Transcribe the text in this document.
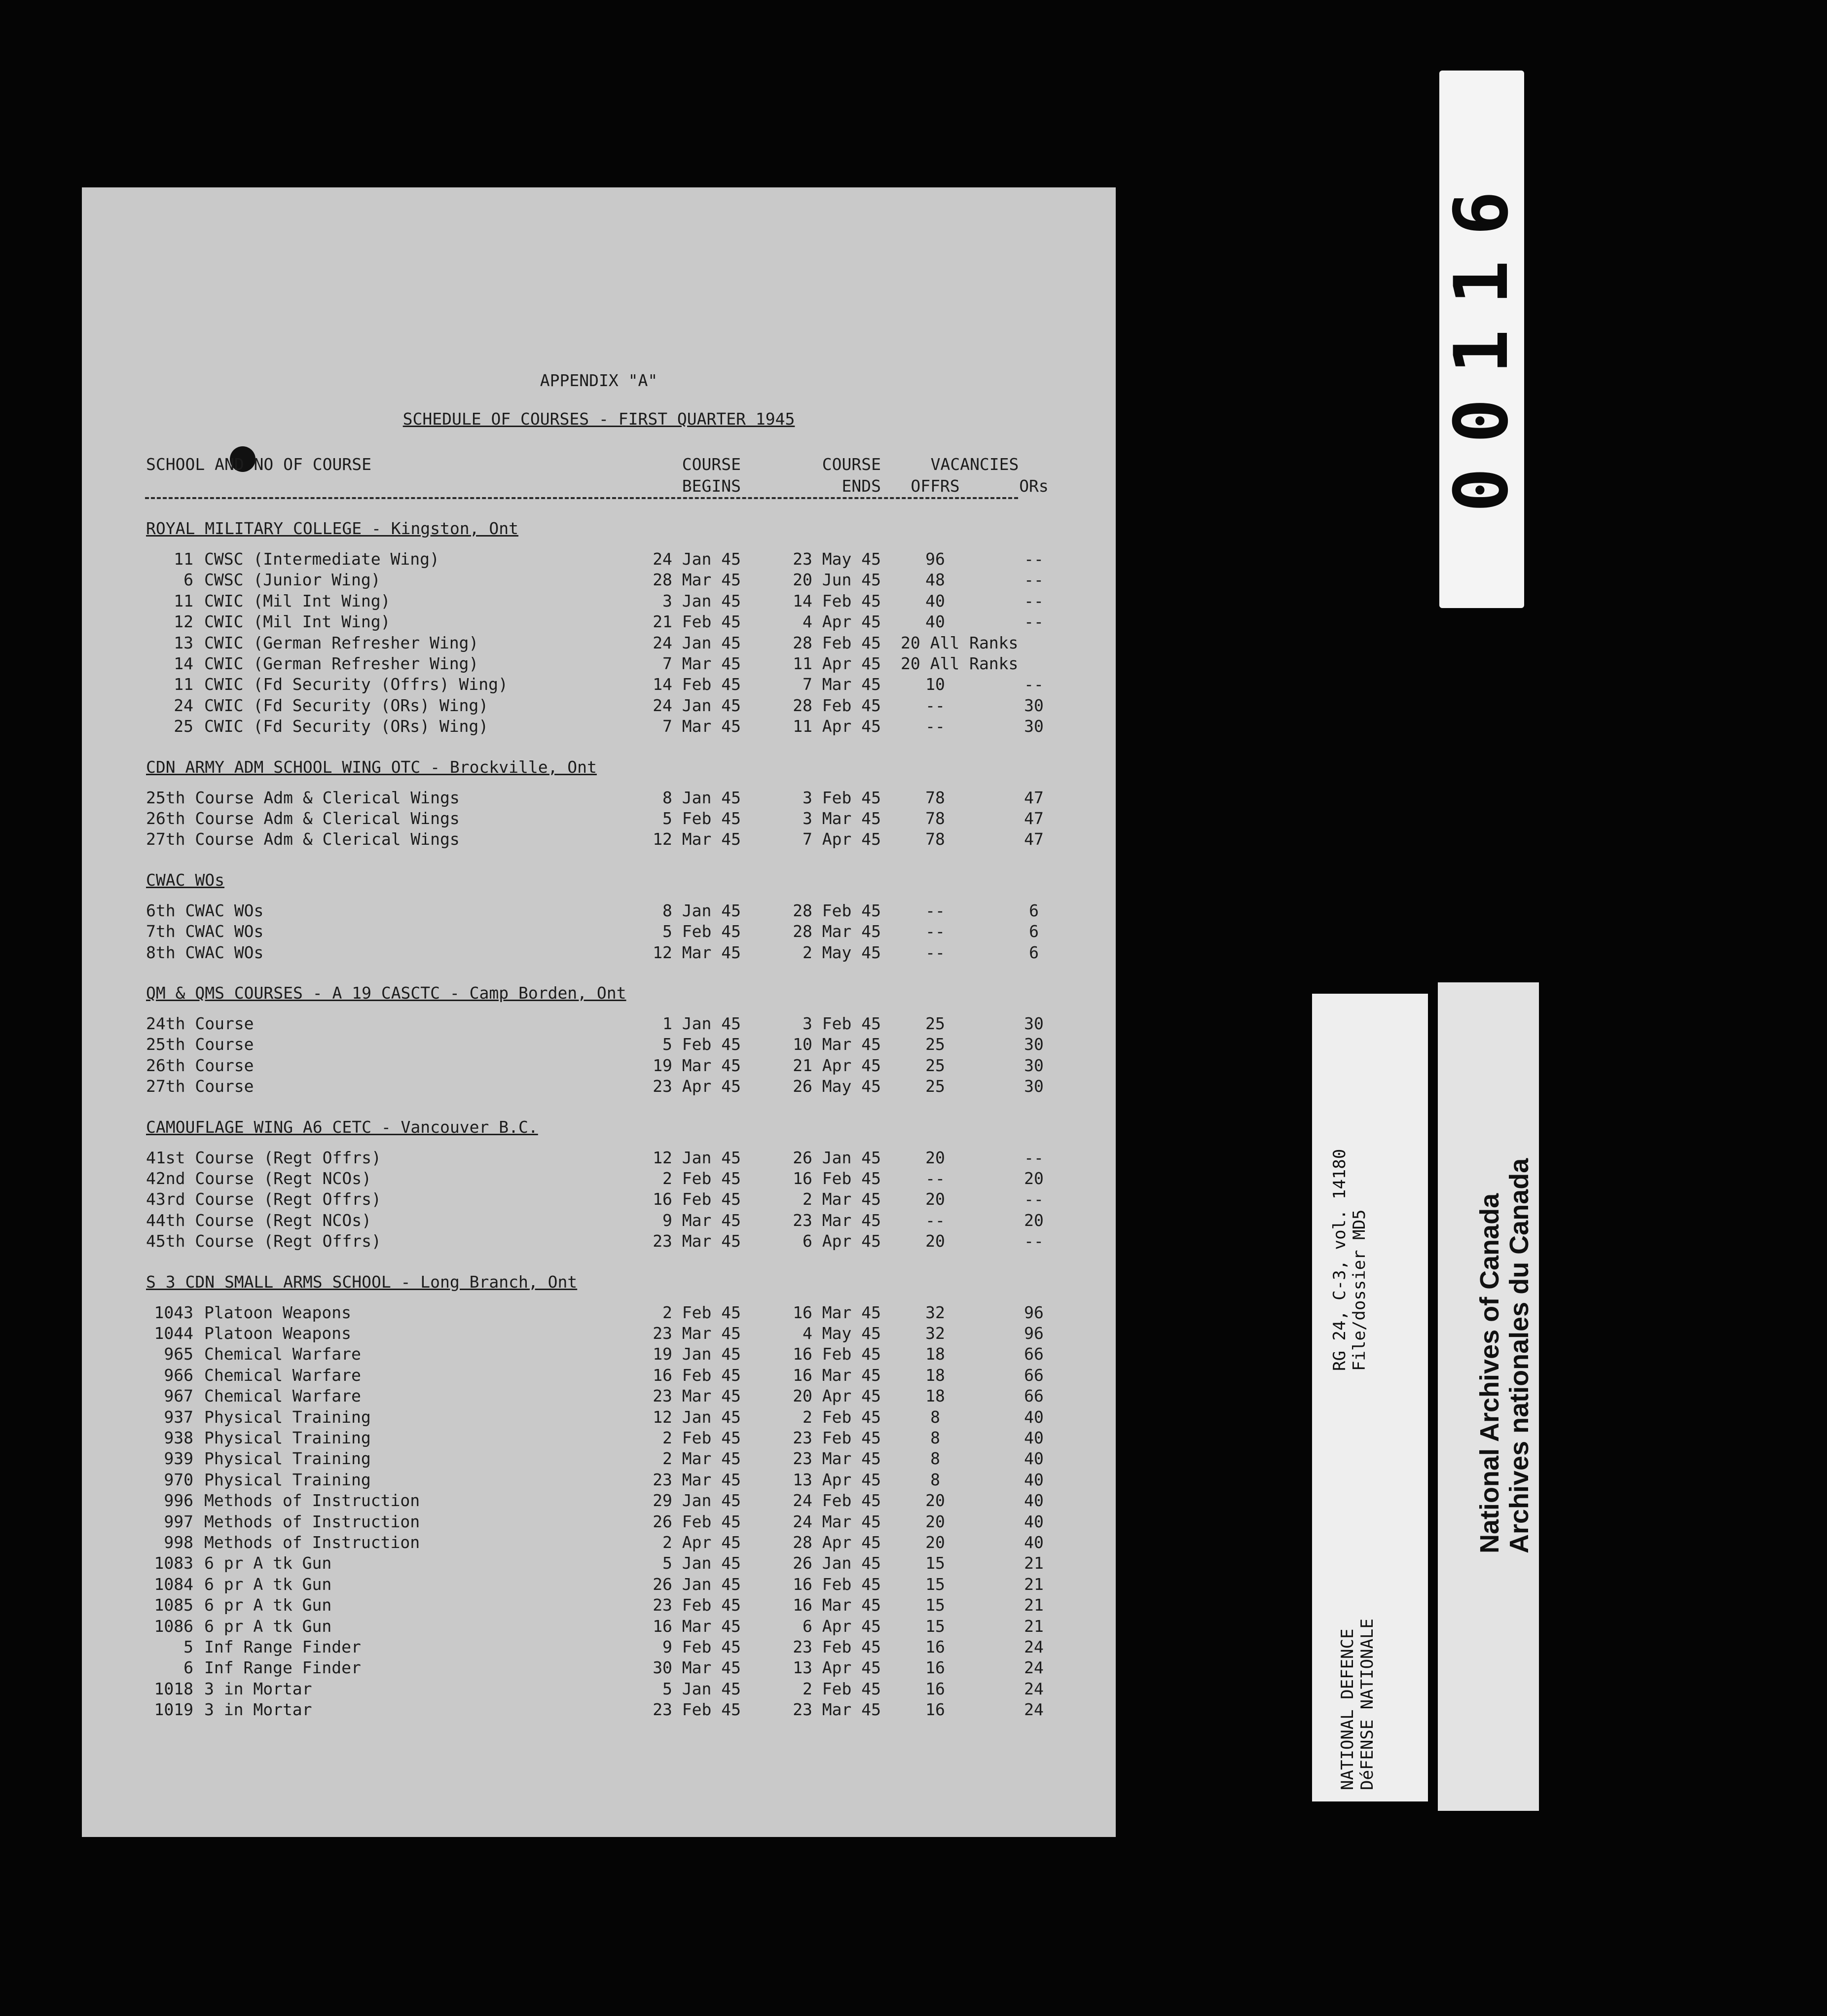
APPENDIX "A"
SCHEDULE OF COURSES - FIRST QUARTER 1945
SCHOOL AND NO OF COURSE	COURSE	COURSE	VACANCIES
BEGINS	ENDS	OFFRS	ORs
ROYAL MILITARY COLLEGE - Kingston, Ont
11 CWSC (Intermediate Wing)	24 Jan 45	23 May 45	96	--
6 CWSC (Junior Wing)	28 Mar 45	20 Jun 45	48	--
11 CWIC (Mil Int Wing)	3 Jan 45	14 Feb 45	40	--
12 CWIC (Mil Int Wing)	21 Feb 45	4 Apr 45	40	--
13 CWIC (German Refresher Wing)	24 Jan 45	28 Feb 45 20 All Ranks
14 CWIC (German Refresher Wing)	7 Mar 45	11 Apr 45 20 All Ranks
11 CWIC (Fd Security (Offrs) Wing)	14 Feb 45	7 Mar 45	10	--
24 CWIC (Fd Security (ORs) Wing)	24 Jan 45	28 Feb 45	--	30
25 CWIC (Fd Security (ORs) Wing)	7 Mar 45	11 Apr 45	--	30
CDN ARMY ADM SCHOOL WING OTC - Brockville, Ont
25th Course Adm & Clerical Wings	8 Jan 45	3 Feb 45	78	47
26th Course Adm & Clerical Wings	5 Feb 45	3 Mar 45	78	47
27th Course Adm & Clerical Wings	12 Mar 45	7 Apr 45	78	47
CWAC WOs
6th CWAC WOs	8 Jan 45	28 Feb 45	--	6
7th CWAC WOs	5 Feb 45	28 Mar 45	--	6
8th CWAC WOs	12 Mar 45	2 May 45	--	6
QM & QMS COURSES - A 19 CASCTC - Camp Borden, Ont
24th Course	1 Jan 45	3 Feb 45	25	30
25th Course	5 Feb 45	10 Mar 45	25	30
26th Course	19 Mar 45	21 Apr 45	25	30
27th Course	23 Apr 45	26 May 45	25	30
CAMOUFLAGE WING A6 CETC - Vancouver B.C.
41st Course (Regt Offrs)	12 Jan 45	26 Jan 45	20	--
42nd Course (Regt NCOs)	2 Feb 45	16 Feb 45	--	20
43rd Course (Regt Offrs)	16 Feb 45	2 Mar 45	20	--
44th Course (Regt NCOs)	9 Mar 45	23 Mar 45	--	20
45th Course (Regt Offrs)	23 Mar 45	6 Apr 45	20	--
S 3 CDN SMALL ARMS SCHOOL - Long Branch, Ont
1043 Platoon Weapons	2 Feb 45	16 Mar 45	32	96
1044 Platoon Weapons	23 Mar 45	4 May 45	32	96
965 Chemical Warfare	19 Jan 45	16 Feb 45	18	66
966 Chemical Warfare	16 Feb 45	16 Mar 45	18	66
967 Chemical Warfare	23 Mar 45	20 Apr 45	18	66
937 Physical Training	12 Jan 45	2 Feb 45	8	40
938 Physical Training	2 Feb 45	23 Feb 45	8	40
939 Physical Training	2 Mar 45	23 Mar 45	8	40
970 Physical Training	23 Mar 45	13 Apr 45	8	40
996 Methods of Instruction	29 Jan 45	24 Feb 45	20	40
997 Methods of Instruction	26 Feb 45	24 Mar 45	20	40
998 Methods of Instruction	2 Apr 45	28 Apr 45	20	40
1083 6 pr A tk Gun	5 Jan 45	26 Jan 45	15	21
1084 6 pr A tk Gun	26 Jan 45	16 Feb 45	15	21
1085 6 pr A tk Gun	23 Feb 45	16 Mar 45	15	21
1086 6 pr A tk Gun	16 Mar 45	6 Apr 45	15	21
5 Inf Range Finder	9 Feb 45	23 Feb 45	16	24
6 Inf Range Finder	30 Mar 45	13 Apr 45	16	24
1018 3 in Mortar	5 Jan 45	2 Feb 45	16	24
1019 3 in Mortar	23 Feb 45	23 Mar 45	16	24
00116
NATIONAL DEFENCE DéFENSE NATIONALE
RG 24, C-3, vol. 14180 File/dossier MD5	National Archives of Canada Archives nationales du Canada
